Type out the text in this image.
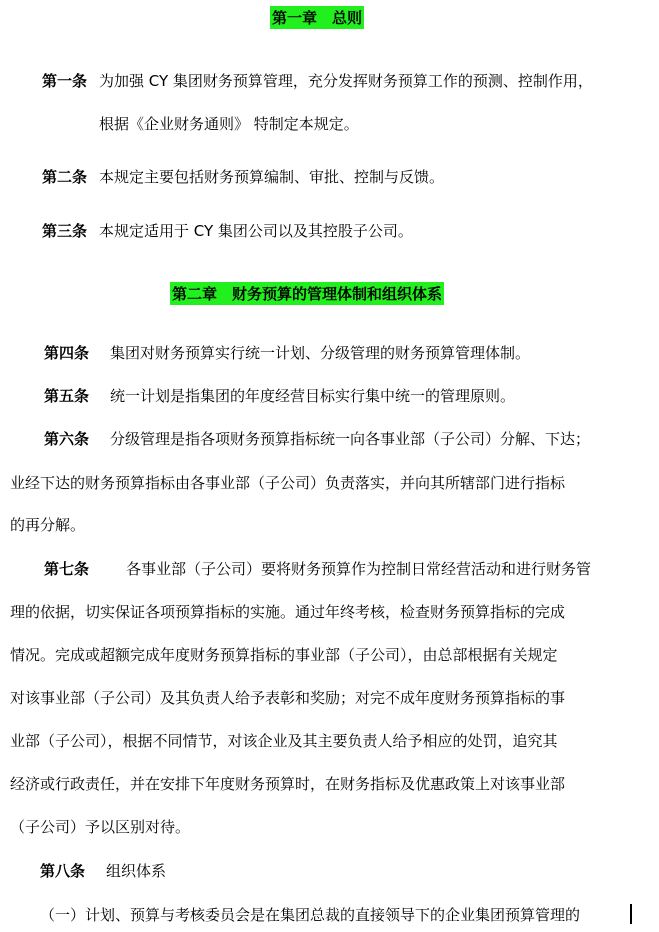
第一章　总则
第一条 为加强 CY 集团财务预算管理，充分发挥财务预算工作的预测、控制作用，
根据《企业财务通则》 特制定本规定。
第二条 本规定主要包括财务预算编制、审批、控制与反馈。
第三条 本规定适用于 CY 集团公司以及其控股子公司。
第二章　财务预算的管理体制和组织体系
第四条 集团对财务预算实行统一计划、分级管理的财务预算管理体制。
第五条 统一计划是指集团的年度经营目标实行集中统一的管理原则。
第六条 分级管理是指各项财务预算指标统一向各事业部（子公司）分解、下达；
业经下达的财务预算指标由各事业部（子公司）负责落实，并向其所辖部门进行指标
的再分解。
第七条 各事业部（子公司）要将财务预算作为控制日常经营活动和进行财务管
理的依据，切实保证各项预算指标的实施。通过年终考核，检查财务预算指标的完成
情况。完成或超额完成年度财务预算指标的事业部（子公司），由总部根据有关规定
对该事业部（子公司）及其负责人给予表彰和奖励；对完不成年度财务预算指标的事
业部（子公司），根据不同情节，对该企业及其主要负责人给予相应的处罚，追究其
经济或行政责任，并在安排下年度财务预算时，在财务指标及优惠政策上对该事业部
（子公司）予以区别对待。
第八条 组织体系
（一）计划、预算与考核委员会是在集团总裁的直接领导下的企业集团预算管理的
